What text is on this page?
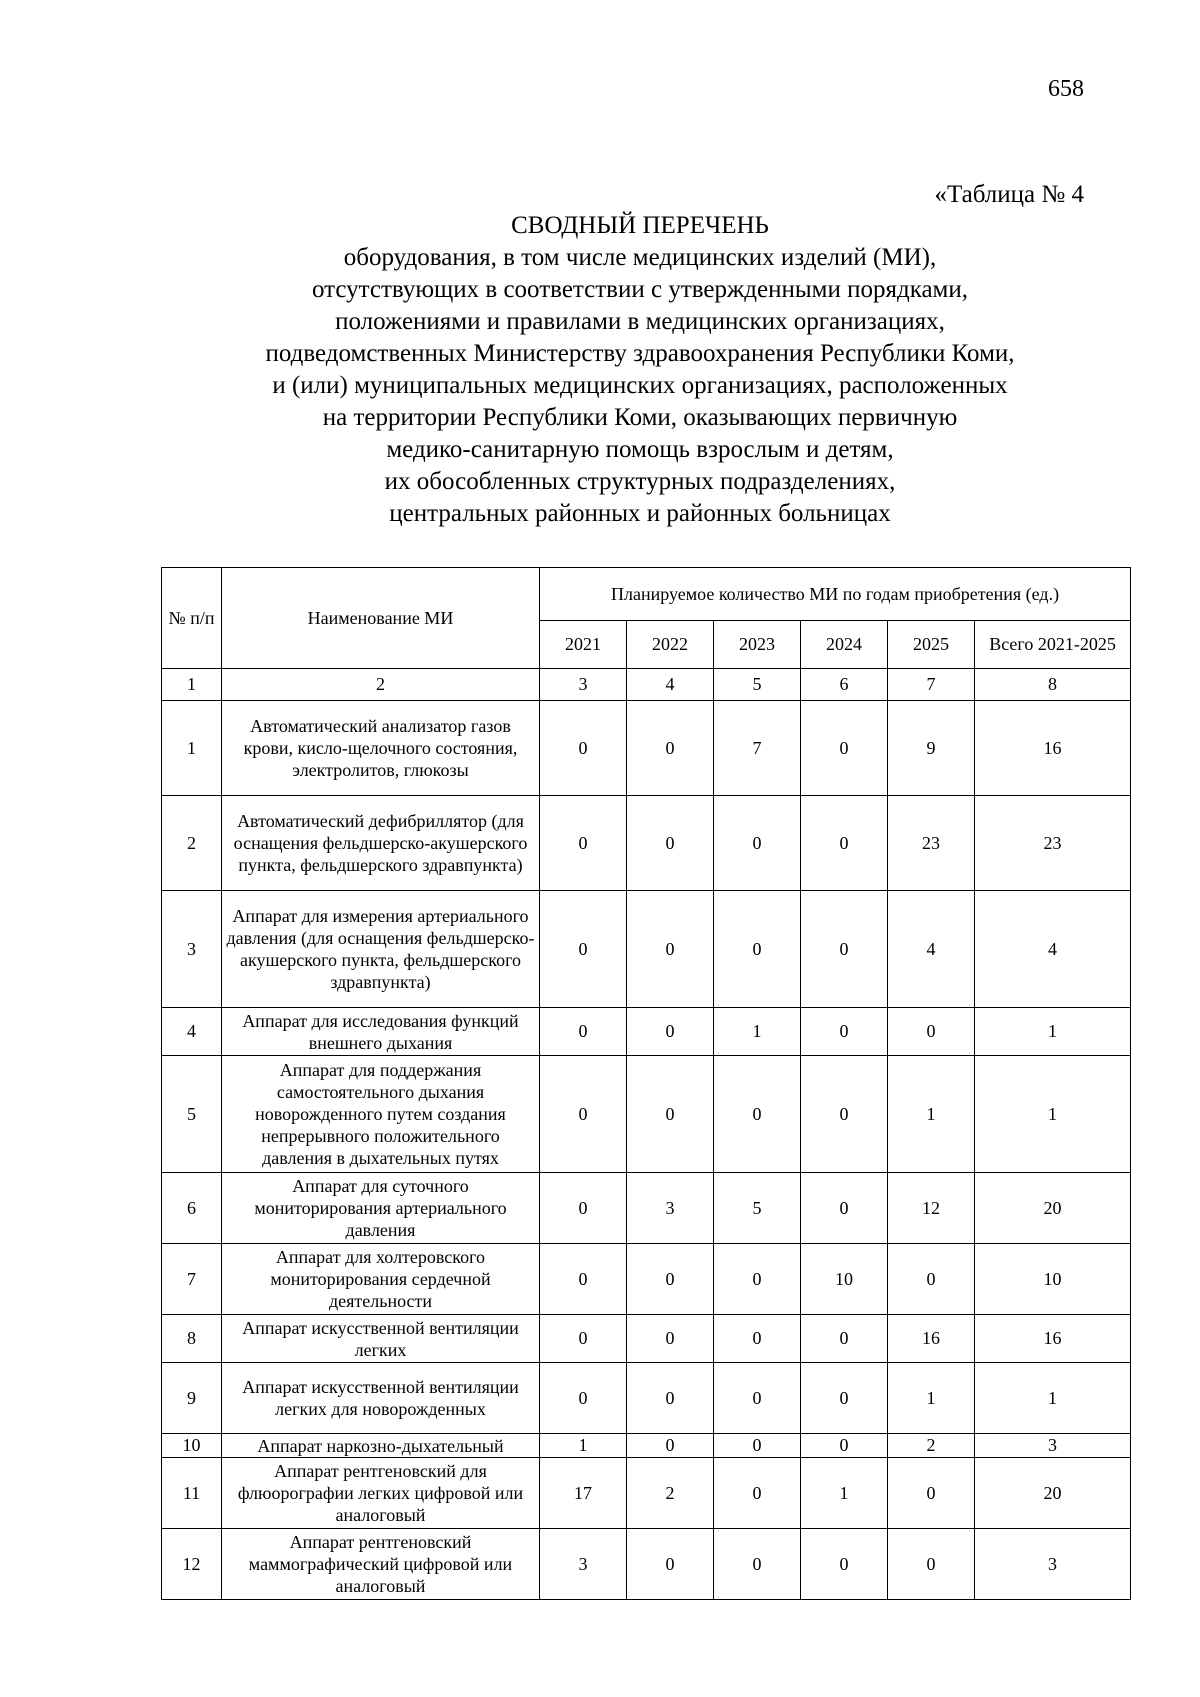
658
«Таблица № 4
СВОДНЫЙ ПЕРЕЧЕНЬ
оборудования, в том числе медицинских изделий (МИ),
отсутствующих в соответствии с утвержденными порядками,
положениями и правилами в медицинских организациях,
подведомственных Министерству здравоохранения Республики Коми,
и (или) муниципальных медицинских организациях, расположенных
на территории Республики Коми, оказывающих первичную
медико-санитарную помощь взрослым и детям,
их обособленных структурных подразделениях,
центральных районных и районных больницах
№ п/п	Наименование МИ	Планируемое количество МИ по годам приобретения (ед.)					
		2021	2022	2023	2024	2025	Всего 2021-2025
1	2	3	4	5	6	7	8
1	Автоматический анализатор газов крови, кисло-щелочного состояния, электролитов, глюкозы	0	0	7	0	9	16
2	Автоматический дефибриллятор (для оснащения фельдшерско-акушерского пункта, фельдшерского здравпункта)	0	0	0	0	23	23
3	Аппарат для измерения артериального давления (для оснащения фельдшерско-акушерского пункта, фельдшерского здравпункта)	0	0	0	0	4	4
4	Аппарат для исследования функций внешнего дыхания	0	0	1	0	0	1
5	Аппарат для поддержания самостоятельного дыхания новорожденного путем создания непрерывного положительного давления в дыхательных путях	0	0	0	0	1	1
6	Аппарат для суточного мониторирования артериального давления	0	3	5	0	12	20
7	Аппарат для холтеровского мониторирования сердечной деятельности	0	0	0	10	0	10
8	Аппарат искусственной вентиляции легких	0	0	0	0	16	16
9	Аппарат искусственной вентиляции легких для новорожденных	0	0	0	0	1	1
10	Аппарат наркозно-дыхательный	1	0	0	0	2	3
11	Аппарат рентгеновский для флюорографии легких цифровой или аналоговый	17	2	0	1	0	20
12	Аппарат рентгеновский маммографический цифровой или аналоговый	3	0	0	0	0	3
